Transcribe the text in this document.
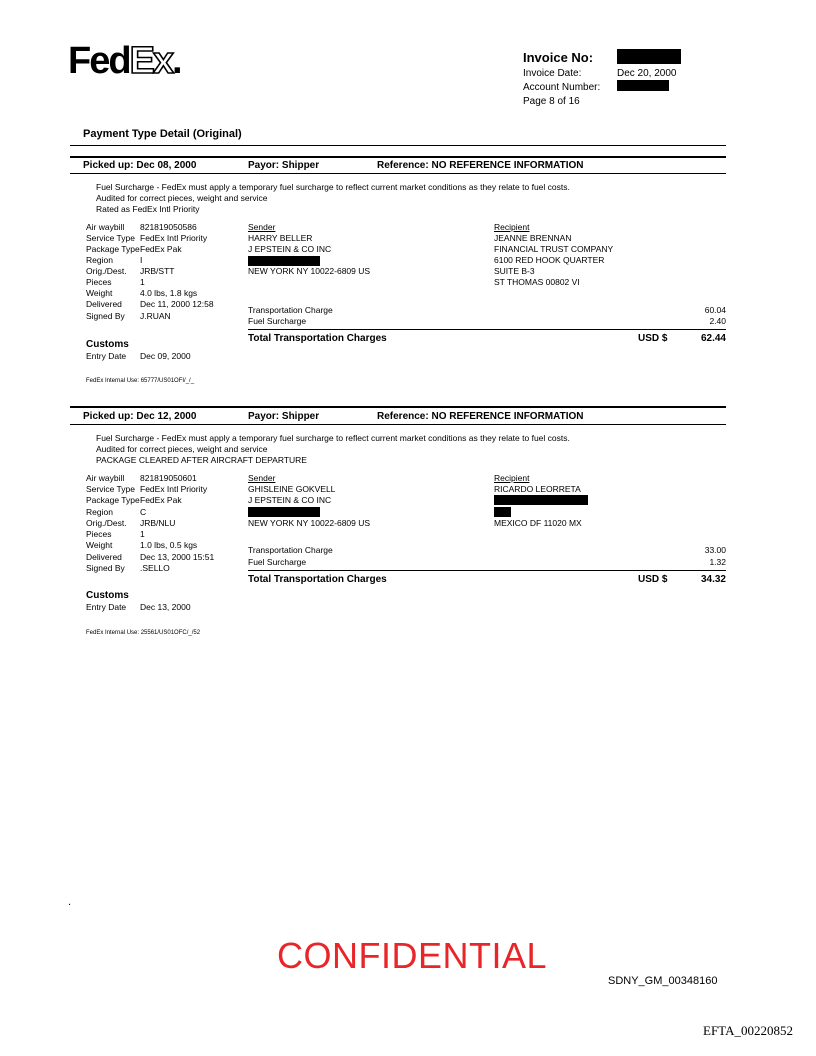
FedEx.	Invoice No:
Invoice Date:	Dec 20, 2000
Account Number:
Page 8 of 16
Payment Type Detail (Original)
Picked up: Dec 08, 2000	Payor: Shipper	Reference: NO REFERENCE INFORMATION
Fuel Surcharge - FedEx must apply a temporary fuel surcharge to reflect current market conditions as they relate to fuel costs.
Audited for correct pieces, weight and service
Rated as FedEx Intl Priority
Air waybill 821819050586
Service Type FedEx Intl Priority
Package Type FedEx Pak
Region	I
Orig./Dest. JRB/STT
Pieces	1
Weight	4.0 lbs, 1.8 kgs
Delivered Dec 11, 2000 12:58
Signed By J.RUAN
Sender
HARRY BELLER
J EPSTEIN & CO INC
NEW YORK NY 10022-6809 US
Recipient
JEANNE BRENNAN
FINANCIAL TRUST COMPANY
6100 RED HOOK QUARTER
SUITE B-3
ST THOMAS 00802 VI
Transportation Charge	60.04
Fuel Surcharge	2.40
Total Transportation Charges	USD $	62.44
Customs
Entry Date Dec 09, 2000
FedEx Internal Use: 65777/US01OFI/_/_
Picked up: Dec 12, 2000	Payor: Shipper	Reference: NO REFERENCE INFORMATION
Fuel Surcharge - FedEx must apply a temporary fuel surcharge to reflect current market conditions as they relate to fuel costs.
Audited for correct pieces, weight and service
PACKAGE CLEARED AFTER AIRCRAFT DEPARTURE
Air waybill 821819050601
Service Type FedEx Intl Priority
Package Type FedEx Pak
Region	C
Orig./Dest. JRB/NLU
Pieces	1
Weight	1.0 lbs, 0.5 kgs
Delivered Dec 13, 2000 15:51
Signed By .SELLO
Sender
GHISLEINE GOKVELL
J EPSTEIN & CO INC
NEW YORK NY 10022-6809 US
Recipient
RICARDO LEORRETA
MEXICO DF 11020 MX
Transportation Charge	33.00
Fuel Surcharge	1.32
Total Transportation Charges	USD $	34.32
Customs
Entry Date Dec 13, 2000
FedEx Internal Use: 25561/US01OFC/_/52
.
CONFIDENTIAL
SDNY_GM_00348160
EFTA_00220852
